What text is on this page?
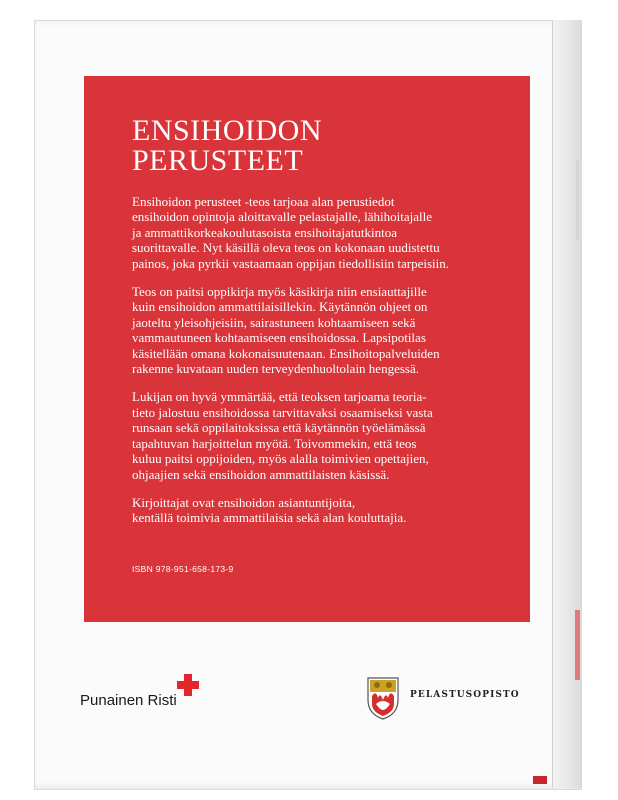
ENSIHOIDON
PERUSTEET

Ensihoidon perusteet -teos tarjoaa alan perustiedot
ensihoidon opintoja aloittavalle pelastajalle, lähihoitajalle
ja ammattikorkeakoulutasoista ensihoitajatutkintoa
suorittavalle. Nyt käsillä oleva teos on kokonaan uudistettu
painos, joka pyrkii vastaamaan oppijan tiedollisiin tarpeisiin.

Teos on paitsi oppikirja myös käsikirja niin ensiauttajille
kuin ensihoidon ammattilaisillekin. Käytännön ohjeet on
jaoteltu yleisohjeisiin, sairastuneen kohtaamiseen sekä
vammautuneen kohtaamiseen ensihoidossa. Lapsipotilas
käsitellään omana kokonaisuutenaan. Ensihoitopalveluiden
rakenne kuvataan uuden terveydenhuoltolain hengessä.

Lukijan on hyvä ymmärtää, että teoksen tarjoama teoria-
tieto jalostuu ensihoidossa tarvittavaksi osaamiseksi vasta
runsaan sekä oppilaitoksissa että käytännön työelämässä
tapahtuvan harjoittelun myötä. Toivommekin, että teos
kuluu paitsi oppijoiden, myös alalla toimivien opettajien,
ohjaajien sekä ensihoidon ammattilaisten käsissä.

Kirjoittajat ovat ensihoidon asiantuntijoita,
kentällä toimivia ammattilaisia sekä alan kouluttajia.

ISBN 978-951-658-173-9
Punainen Risti	PELASTUSOPISTO
